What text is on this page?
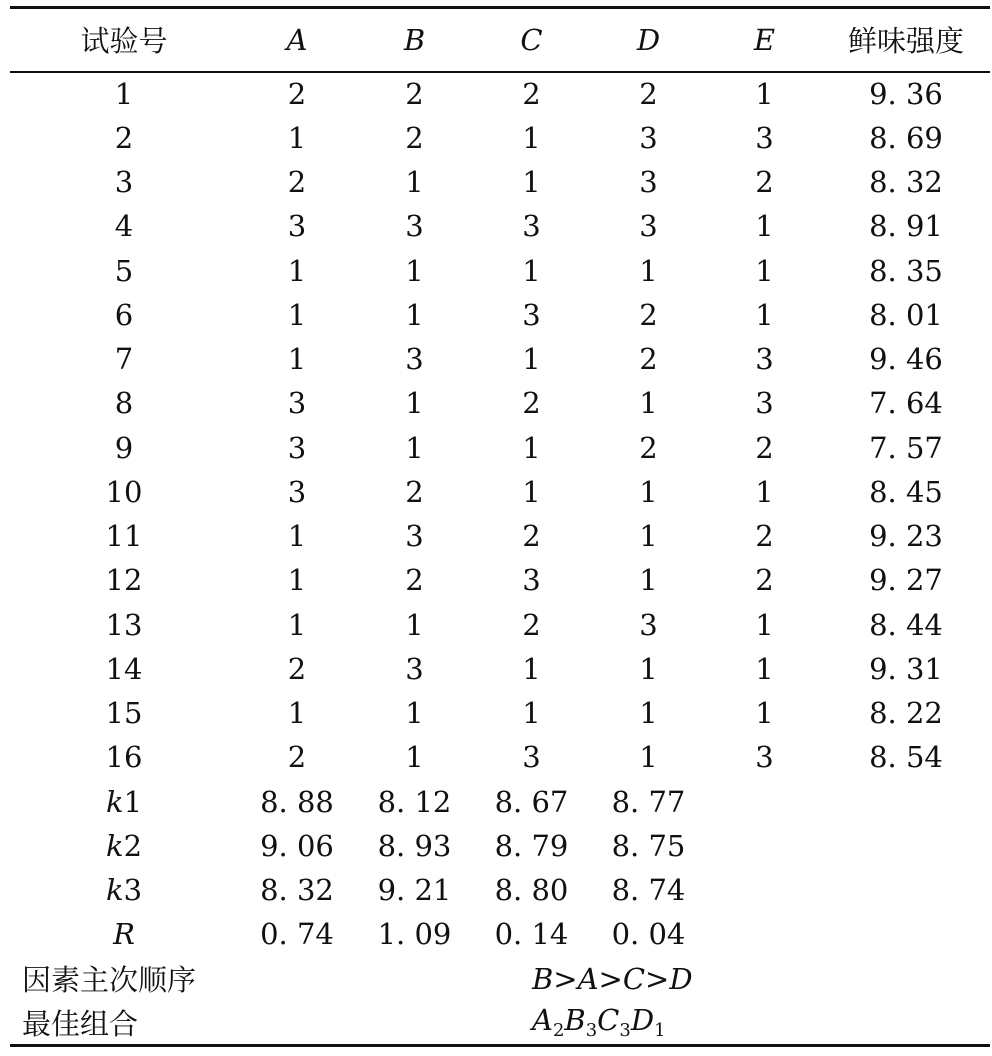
试验号	A	B	C	D	E	鲜味强度
1	2	2	2	2	1	9. 36
2	1	2	1	3	3	8. 69
3	2	1	1	3	2	8. 32
4	3	3	3	3	1	8. 91
5	1	1	1	1	1	8. 35
6	1	1	3	2	1	8. 01
7	1	3	1	2	3	9. 46
8	3	1	2	1	3	7. 64
9	3	1	1	2	2	7. 57
10	3	2	1	1	1	8. 45
11	1	3	2	1	2	9. 23
12	1	2	3	1	2	9. 27
13	1	1	2	3	1	8. 44
14	2	3	1	1	1	9. 31
15	1	1	1	1	1	8. 22
16	2	1	3	1	3	8. 54
k1	8. 88	8. 12	8. 67	8. 77		
k2	9. 06	8. 93	8. 79	8. 75		
k3	8. 32	9. 21	8. 80	8. 74		
R	0. 74	1. 09	0. 14	0. 04		
因素主次顺序	B>A>C>D					
最佳组合	$A_2B_3C_3D_1$
